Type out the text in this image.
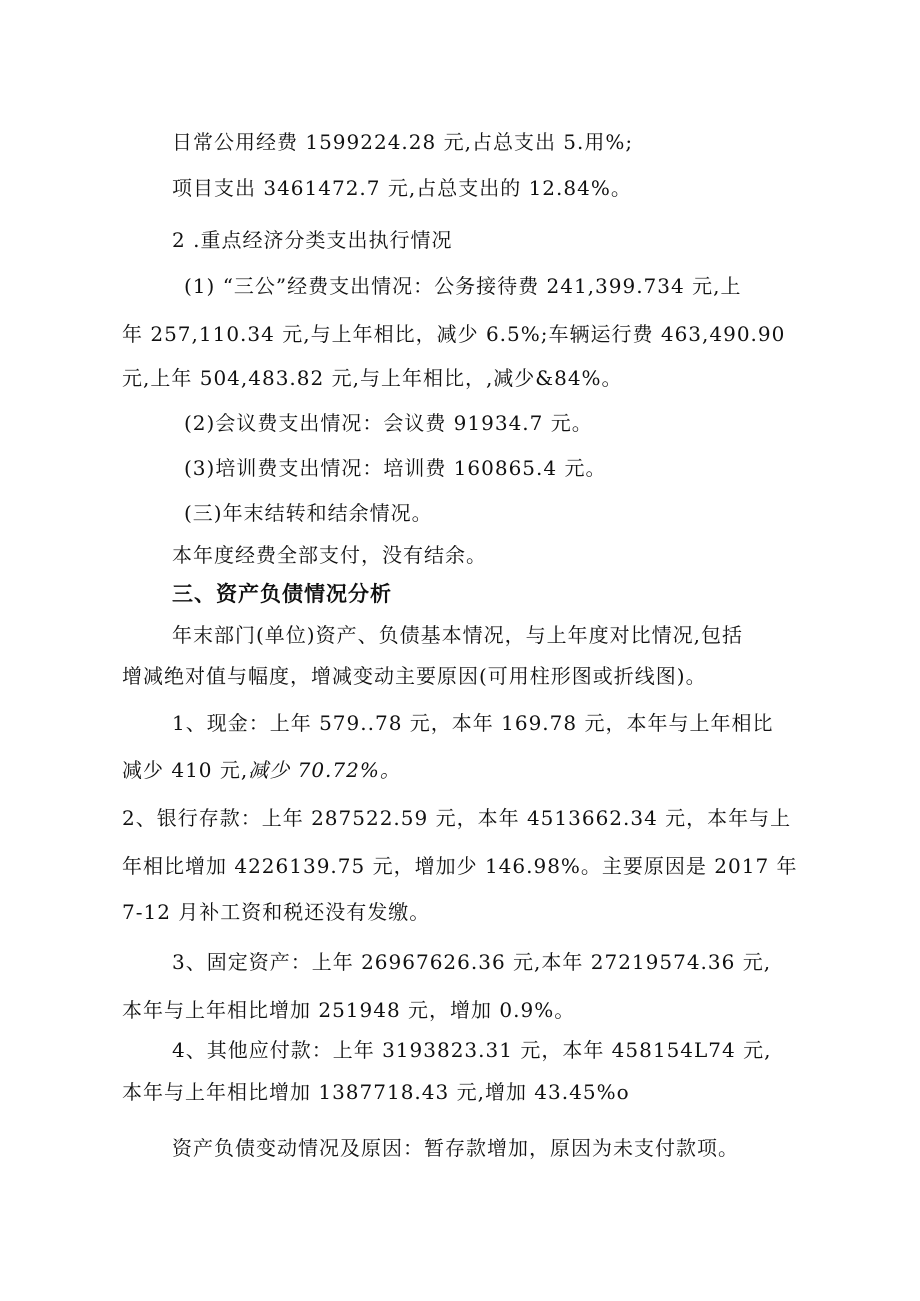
日常公用经费 1599224.28 元,占总支出 5.用%;
项目支出 3461472.7 元,占总支出的 12.84%。
2 .重点经济分类支出执行情况
(1) “三公”经费支出情况：公务接待费 241,399.734 元,上
年 257,110.34 元,与上年相比，减少 6.5%;车辆运行费 463,490.90
元,上年 504,483.82 元,与上年相比，,减少&84%。
(2)会议费支出情况：会议费 91934.7 元。
(3)培训费支出情况：培训费 160865.4 元。
(三)年末结转和结余情况。
本年度经费全部支付，没有结余。
三、资产负债情况分析
年末部门(单位)资产、负债基本情况，与上年度对比情况,包括
增减绝对值与幅度，增减变动主要原因(可用柱形图或折线图)。
1、现金：上年 579..78 元，本年 169.78 元，本年与上年相比
减少 410 元,减少 70.72%。
2、银行存款：上年 287522.59 元，本年 4513662.34 元，本年与上
年相比增加 4226139.75 元，增加少 146.98%。主要原因是 2017 年
7-12 月补工资和税还没有发缴。
3、固定资产：上年 26967626.36 元,本年 27219574.36 元,
本年与上年相比增加 251948 元，增加 0.9%。
4、其他应付款：上年 3193823.31 元，本年 458154L74 元,
本年与上年相比增加 1387718.43 元,增加 43.45%o
资产负债变动情况及原因：暂存款增加，原因为未支付款项。
